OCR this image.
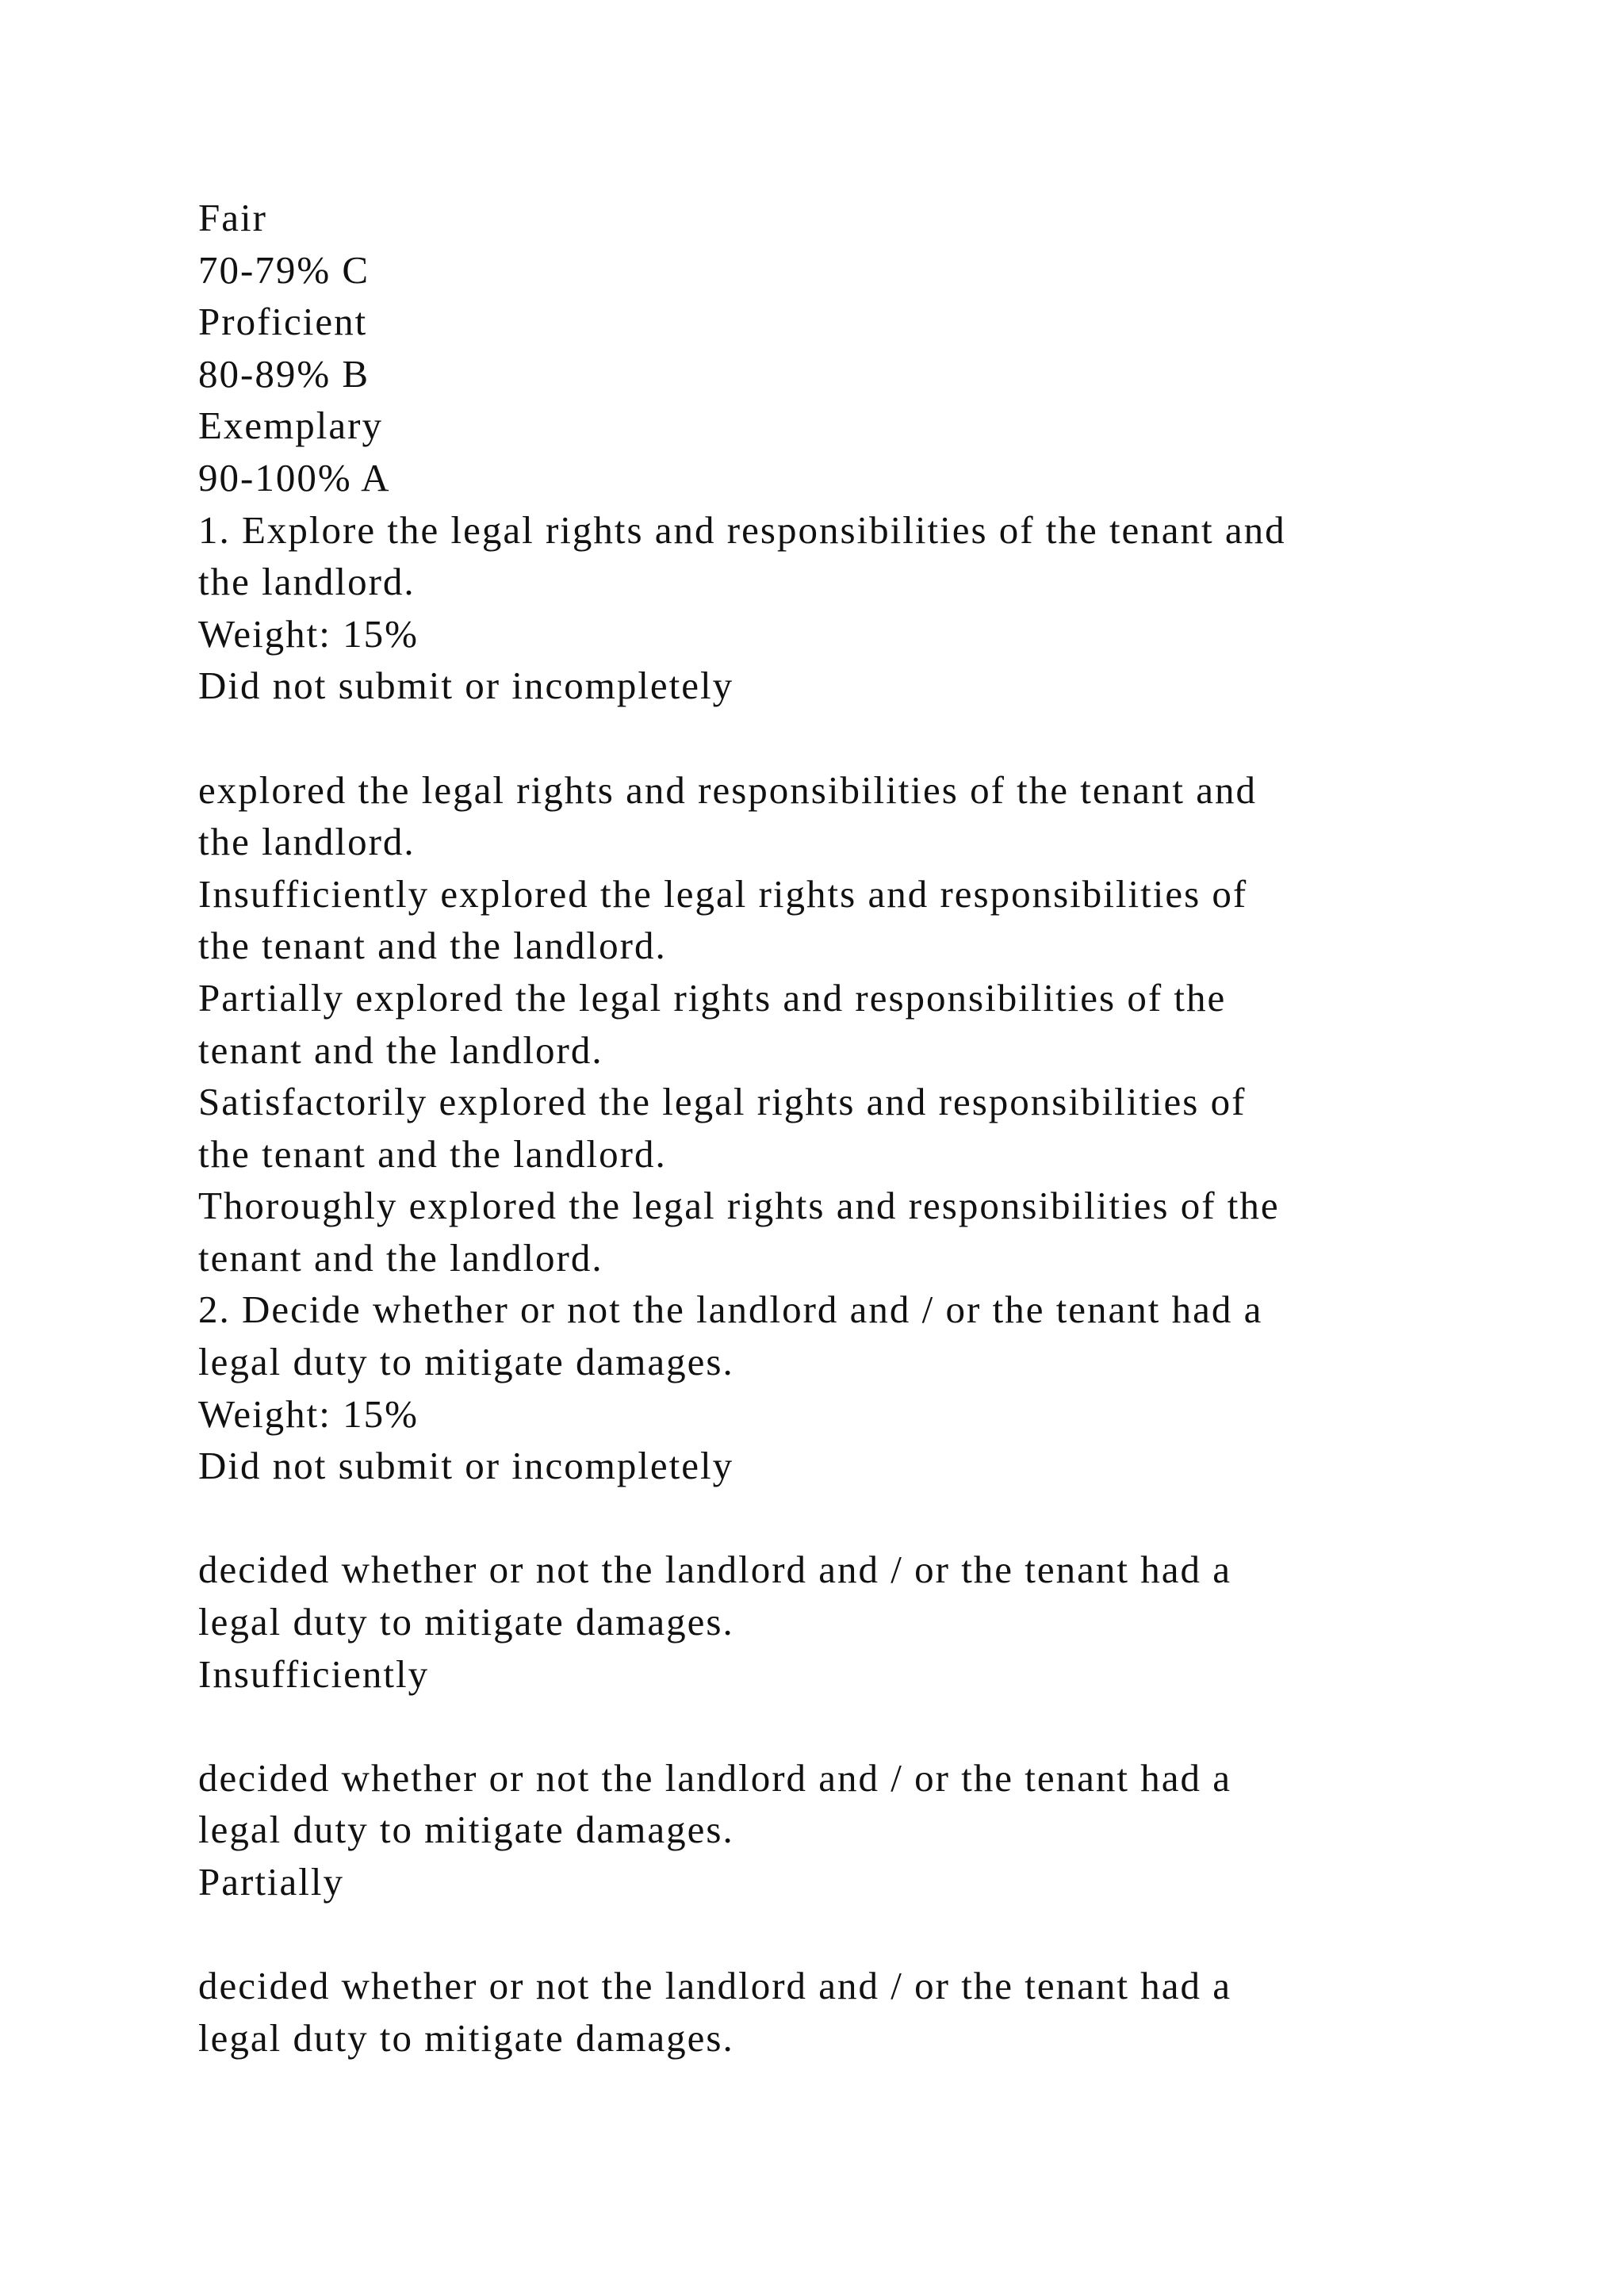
Fair
70-79% C
Proficient
80-89% B
Exemplary
90-100% A
1. Explore the legal rights and responsibilities of the tenant and
the landlord.
Weight: 15%
Did not submit or incompletely
explored the legal rights and responsibilities of the tenant and
the landlord.
Insufficiently explored the legal rights and responsibilities of
the tenant and the landlord.
Partially explored the legal rights and responsibilities of the
tenant and the landlord.
Satisfactorily explored the legal rights and responsibilities of
the tenant and the landlord.
Thoroughly explored the legal rights and responsibilities of the
tenant and the landlord.
2. Decide whether or not the landlord and / or the tenant had a
legal duty to mitigate damages.
Weight: 15%
Did not submit or incompletely
decided whether or not the landlord and / or the tenant had a
legal duty to mitigate damages.
Insufficiently
decided whether or not the landlord and / or the tenant had a
legal duty to mitigate damages.
Partially
decided whether or not the landlord and / or the tenant had a
legal duty to mitigate damages.
